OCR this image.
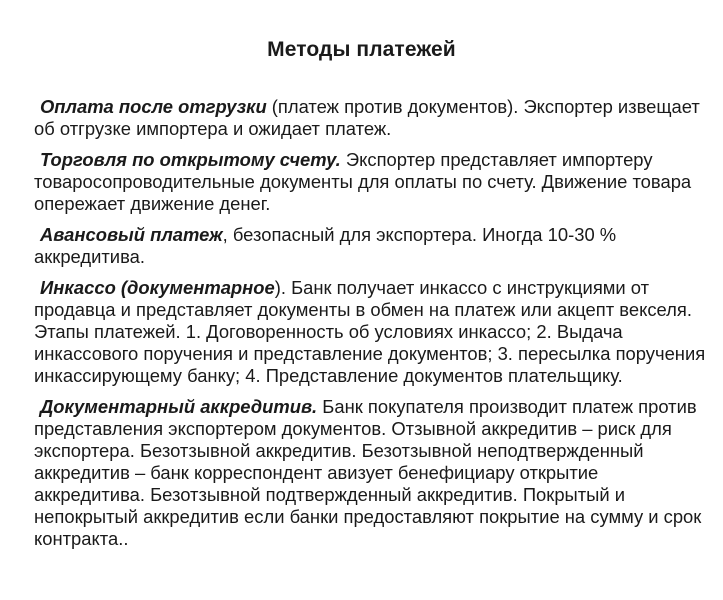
Методы платежей

Оплата после отгрузки (платеж против документов). Экспортер извещает об отгрузке импортера и ожидает платеж.

Торговля по открытому счету. Экспортер представляет импортеру товаросопроводительные документы для оплаты по счету. Движение товара опережает движение денег.

Авансовый платеж, безопасный для экспортера. Иногда 10-30 % аккредитива.

Инкассо (документарное). Банк получает инкассо с инструкциями от продавца и представляет документы в обмен на платеж или акцепт векселя. Этапы платежей. 1. Договоренность об условиях инкассо; 2. Выдача инкассового поручения и представление документов; 3. пересылка поручения инкассирующему банку; 4. Представление документов плательщику.

Документарный аккредитив. Банк покупателя производит платеж против представления экспортером документов. Отзывной аккредитив – риск для экспортера. Безотзывной аккредитив. Безотзывной неподтвержденный аккредитив – банк корреспондент авизует бенефициару открытие аккредитива. Безотзывной подтвержденный аккредитив. Покрытый и непокрытый аккредитив если банки предоставляют покрытие на сумму и срок контракта..
